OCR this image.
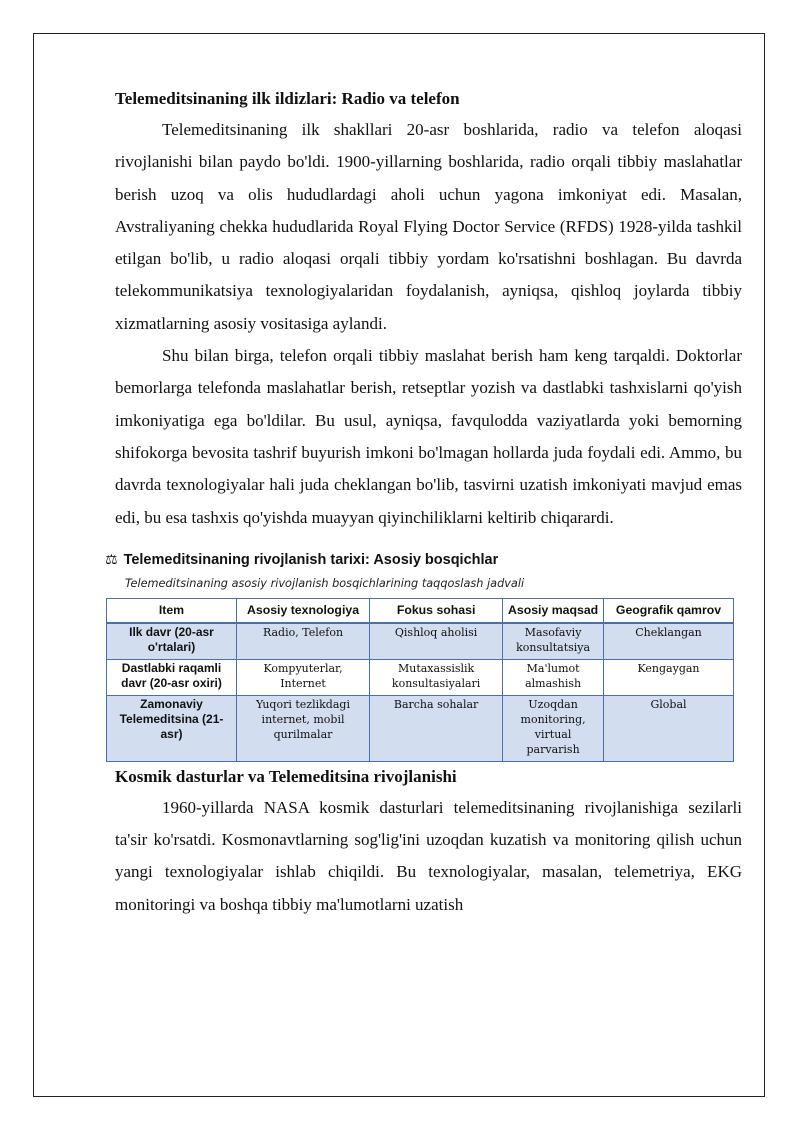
Telemeditsinaning ilk ildizlari: Radio va telefon

Telemeditsinaning ilk shakllari 20-asr boshlarida, radio va telefon aloqasi rivojlanishi bilan paydo bo'ldi. 1900-yillarning boshlarida, radio orqali tibbiy maslahatlar berish uzoq va olis hududlardagi aholi uchun yagona imkoniyat edi. Masalan, Avstraliyaning chekka hududlarida Royal Flying Doctor Service (RFDS) 1928-yilda tashkil etilgan bo'lib, u radio aloqasi orqali tibbiy yordam ko'rsatishni boshlagan. Bu davrda telekommunikatsiya texnologiyalaridan foydalanish, ayniqsa, qishloq joylarda tibbiy xizmatlarning asosiy vositasiga aylandi.

Shu bilan birga, telefon orqali tibbiy maslahat berish ham keng tarqaldi. Doktorlar bemorlarga telefonda maslahatlar berish, retseptlar yozish va dastlabki tashxislarni qo'yish imkoniyatiga ega bo'ldilar. Bu usul, ayniqsa, favqulodda vaziyatlarda yoki bemorning shifokorga bevosita tashrif buyurish imkoni bo'lmagan hollarda juda foydali edi. Ammo, bu davrda texnologiyalar hali juda cheklangan bo'lib, tasvirni uzatish imkoniyati mavjud emas edi, bu esa tashxis qo'yishda muayyan qiyinchiliklarni keltirib chiqarardi.

⚖ Telemeditsinaning rivojlanish tarixi: Asosiy bosqichlar
Telemeditsinaning asosiy rivojlanish bosqichlarining taqqoslash jadvali
Item	Asosiy texnologiya	Fokus sohasi	Asosiy maqsad	Geografik qamrov
Ilk davr (20-asr o'rtalari)	Radio, Telefon	Qishloq aholisi	Masofaviy konsultatsiya	Cheklangan
Dastlabki raqamli davr (20-asr oxiri)	Kompyuterlar, Internet	Mutaxassislik konsultasiyalari	Ma'lumot almashish	Kengaygan
Zamonaviy Telemeditsina (21-asr)	Yuqori tezlikdagi internet, mobil qurilmalar	Barcha sohalar	Uzoqdan monitoring, virtual parvarish	Global
Kosmik dasturlar va Telemeditsina rivojlanishi

1960-yillarda NASA kosmik dasturlari telemeditsinaning rivojlanishiga sezilarli ta'sir ko'rsatdi. Kosmonavtlarning sog'lig'ini uzoqdan kuzatish va monitoring qilish uchun yangi texnologiyalar ishlab chiqildi. Bu texnologiyalar, masalan, telemetriya, EKG monitoringi va boshqa tibbiy ma'lumotlarni uzatish
